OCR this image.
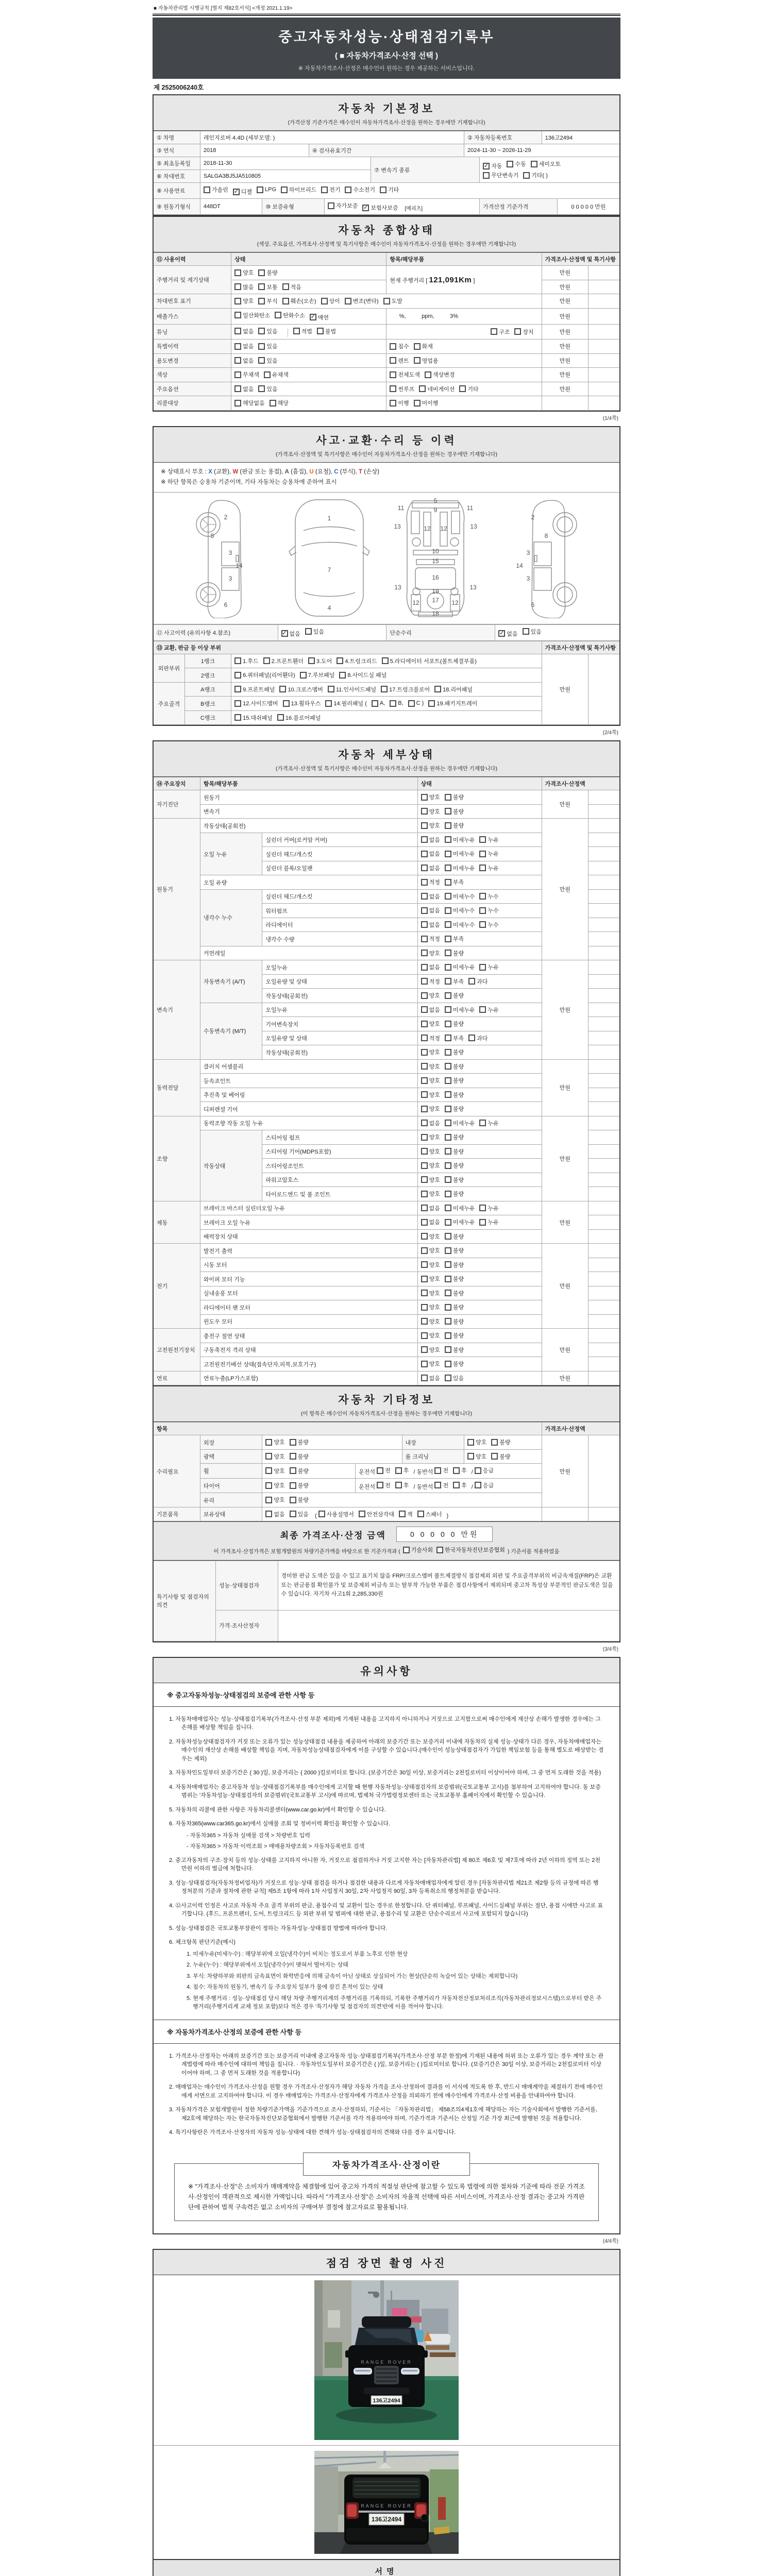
■ 자동차관리법 시행규칙 [별지 제82호서식] <개정 2021.1.19>
중고자동차성능·상태점검기록부
( ■ 자동차가격조사·산정 선택 )
※ 자동차가격조사·산정은 매수인이 원하는 경우 제공하는 서비스입니다.
제 2525006240호
자동차 기본정보
(가격산정 기준가격은 매수인이 자동차가격조사·산정을 원하는 경우에만 기재합니다)
① 차명	레인지로버 4.4D (세부모델: )					② 자동차등록번호		136고2494	
③ 연식	2018		④ 검사유효기간			2024-11-30 ~ 2026-11-29			
⑤ 최초등록일	2018-11-30	⑦ 변속기 종류	
✓ 자동 수동 세미오토
무단변속기 기타( )

⑥ 차대번호	SALGA3BJ5JA510805								
⑧ 사용연료	가솔린 ✓ 디젤 LPG 하이브리드 전기 수소전기 기타

⑨ 원동기형식	448DT	⑩ 보증유형		자가보증 ✓ 보험사보증 [메리츠]			가격산정 기준가격		0 0 0 0 0 만원
자동차 종합상태
(색상, 주요옵션, 가격조사·산정액 및 특기사항은 매수인이 자동차가격조사·산정을 원하는 경우에만 기재합니다)
⑪ 사용이력	상태	항목/해당부품	가격조사·산정액 및 특기사항	
주행거리 및 계기상태	양호 불량	현재 주행거리 [ 121,091Km ]	만원	

	많음 보통 적음		만원	
차대번호 표기	양호 부식 훼손(오손) 상이 변조(변타) 도말	만원	
배출가스	일산화탄소 탄화수소 ✓ 매연	%,          ppm,          3%	만원	
튜닝	없음 있음 적법 불법	구조 장치	만원	
특별이력	없음 있음	침수 화재	만원	
용도변경	없음 있음	렌트 영업용	만원	
색상	무채색 유채색	전체도색 색상변경	만원	
주요옵션	없음 있음	썬루프 네비게이션 기타	만원	
리콜대상	해당없음 해당	이행 미이행		

(1/4쪽)
사고·교환·수리 등 이력
(가격조사·산정액 및 특기사항은 매수인이 자동차가격조사·산정을 원하는 경우에만 기재합니다)
※ 상태표시 부호 : X (교환), W (판금 또는 용접), A (흠집), U (요철), C (부식), T (손상)
※ 하단 항목은 승용차 기준이며, 기타 자동차는 승용차에 준하여 표시
2
8
3
3
14
6
1
7
4
5
9
11	11
13	13
12 12
10
15
16
13	13
19
17
12	12
18
2
8
3
3
14
6
⑫ 사고이력 (유의사항 4.참조)	✓ 없음 있음	단순수리	✓ 없음 있음
⑬ 교환, 판금 등 이상 부위			가격조사·산정액 및 특기사항	
외판부위	1랭크	1.후드 2.프론트휀더 3.도어 4.트렁크리드 5.라디에이터 서포트(볼트체결부품)	만원	
	2랭크	6.쿼터패널(리어휀다) 7.루브패널 8.사이드실 패널		

주요골격	A랭크	9.프론트패널 10.크로스멤버 11.인사이드패널 17.트렁크플로어 18.리어패널		

B랭크	12.사이드멤버 13.휠하우스 14.필러패널 ( A, B, C ) 19.패키지트레이

	C랭크	15.대쉬패널 16.플로어패널		
(2/4쪽)
자동차 세부상태
(가격조사·산정액 및 특기사항은 매수인이 자동차가격조사·산정을 원하는 경우에만 기재합니다)
⑭ 주요장치	항목/해당부품		상태	가격조사·산정액	
자기진단	원동기		양호 불량	만원	
	변속기		양호 불량		

원동기	작동상태(공회전)		양호 불량	만원	
	오일 누유	실린더 커버(로커암 커버)	없음 미세누유 누유		

		실린더 헤드/개스킷	없음 미세누유 누유		

		실린더 블록/오일팬	없음 미세누유 누유		

	오일 유량		적정 부족		

	냉각수 누수	실린더 헤드/개스킷	없음 미세누수 누수		

		워터펌프	없음 미세누수 누수		

		라디에이터	없음 미세누수 누수		

		냉각수 수량	적정 부족		

	커먼레일		양호 불량		

변속기	자동변속기 (A/T)	오일누유	없음 미세누유 누유	만원	
		오일유량 및 상태	적정 부족 과다		

		작동상태(공회전)	양호 불량		

	수동변속기 (M/T)	오일누유	없음 미세누유 누유		

		기어변속장치	양호 불량		

		오일유량 및 상태	적정 부족 과다		

		작동상태(공회전)	양호 불량		

동력전달	클러치 어셈블리		양호 불량	만원	
	등속죠인트		양호 불량		

	추진축 및 베어링		양호 불량		

	디퍼렌셜 기어		양호 불량		

조향	동력조향 작동 오일 누유		없음 미세누유 누유	만원	
	작동상태	스티어링 펌프	양호 불량		

		스티어링 기어(MDPS포함)	양호 불량		

		스티어링조인트	양호 불량		

		파워고압호스	양호 불량		

		타이로드엔드 및 볼 조인트	양호 불량		

제동	브레이크 마스터 실린더오일 누유		없음 미세누유 누유	만원	
	브레이크 오일 누유		없음 미세누유 누유		

	배력장치 상태		양호 불량		

전기	발전기 출력		양호 불량	만원	
	시동 모터		양호 불량		

	와이퍼 모터 기능		양호 불량		

	실내송풍 모터		양호 불량		

	라디에이터 팬 모터		양호 불량		

	윈도우 모터		양호 불량		

고전원전기장치	충전구 절연 상태		양호 불량	만원	
	구동축전지 격리 상태		양호 불량		

	고전원전기배선 상태(접속단자,피복,보호기구)		양호 불량		

연료	연료누출(LP가스포함)		없음 있음	만원	
자동차 기타정보
(이 항목은 매수인이 자동차가격조사·산정을 원하는 경우에만 기재합니다)
항목						가격조사·산정액	
수리필요	외장	양호 불량		내장	양호 불량	만원	
	광택	양호 불량		룸 크리닝	양호 불량		

휠	양호 불량	운전석 전 후 / 동반석 전 후 / 응급

타이어	양호 불량	운전석 전 후 / 동반석 전 후 / 응급

	유리	양호 불량					

기본품목	보유상태	없음 있음 ( 사용설명서 안전삼각대 잭 스패너 )		
최종 가격조사·산정 금액	0 0 0 0 0 만원
이 가격조사·산정가격은 보험개발원의 차량기준가액을 바탕으로 한 기준가격과 ( 기술사회
한국자동차진단보증협회 ) 기준서를 적용하였음
특기사항 및 점검자의 의견	성능·상태점검자	경미한 판금 도색은 있을 수 있고 표기치 않음 FRP/크로스멤버 볼트체결방식 점검제외 외판 및 주요골격부위의 비금속재질(FRP)은 교환또는 판금용접 확인불가 및 보증제외 비금속 또는 탈부착 가능한 부품은 점검사항에서 제외되며 중고차 특성상 부분적인 판금도색은 있을 수 있습니다. 자기차 사고1회 2,285,330원
	가격·조사산정자	
(3/4쪽)
유의사항
※ 중고자동차성능·상태점검의 보증에 관한 사항 등
1. 자동차매매업자는 성능·상태점검기록부(가격조사·산정 부분 제외)에 기재된 내용을 고지하지 아니하거나 거짓으로 고지함으로써 매수인에게 재산상 손해가 발생한 경우에는 그 손해를 배상할 책임을 집니다.
2. 자동차성능상태점검자가 거짓 또는 오류가 있는 성능상태점검 내용을 제공하여 아래의 보증기간 또는 보증거리 이내에 자동차의 실제 성능·상태가 다른 경우, 자동차매매업자는 매수인의 재산상 손해를 배상할 책임을 지며, 자동차성능상태점검자에게 이를 구상할 수 있습니다.(매수인이 성능상태점검자가 가입한 책임보험 등을 통해 별도로 배상받는 경우는 제외)
3. 자동차인도일부터 보증기간은 ( 30 )일, 보증거리는 ( 2000 )킬로미터로 합니다. (보증기간은 30일 이상, 보증거리는 2천킬로미터 이상이어야 하며, 그 중 먼저 도래한 것을 적용)
4. 자동차매매업자는 중고자동차 성능·상태점검기록부를 매수인에게 고지할 때 현행 자동차성능·상태점검자의 보증범위(국토교통부 고시)를 첨부하여 고지하여야 합니다. 동 보증범위는 '자동차성능·상태점검자의 보증범위'(국토교통부 고시)에 따르며, 법제처 국가법령정보센터 또는 국토교통부 홈페이지에서 확인할 수 있습니다.
5. 자동차의 리콜에 관한 사항은 자동차리콜센터(www.car.go.kr)에서 확인할 수 있습니다.
6. 자동차365(www.car365.go.kr)에서 실매물 조회 및 정비이력 확인을 확인할 수 있습니다.
- 자동차365 > 자동차 실매물 검색 > 차량번호 입력
- 자동차365 > 자동차 이력조회 > 매매용차량조회 > 자동차등록번호 검색
2. 중고자동차의 구조·장치 등의 성능·상태를 고지하지 아니한 자, 거짓으로 점검하거나 거짓 고지한 자는 [자동차관리법] 제 80조 제6호 및 제7호에 따라 2년 이하의 징역 또는 2천만원 이하의 벌금에 처합니다.
3. 성능·상태점검자(자동차정비업자)가 거짓으로 성능·상태 점검을 하거나 점검한 내용과 다르게 자동차매매업자에게 알린 경우 [자동차관리법 제21조 제2항 등의 규정에 따른 행정처분의 기준과 절차에 관한 규칙] 제5조 1항에 따라 1차 사업정지 30일, 2차 사업정지 90일, 3차 등록취소의 행정처분을 받습니다.
4. ⑫사고이력 인정은 사고로 자동차 주요 골격 부위의 판금, 용접수리 및 교환이 있는 경우로 한정합니다. 단 쿼터패널, 루프패널, 사이드실패널 부위는 절단, 용접 시에만 사고로 표기합니다. (후드, 프론트펜더, 도어, 트렁크리드 등 외판 부위 및 범퍼에 대한 판금, 용접수리 및 교환은 단순수리로서 사고에 포함되지 않습니다)
5. 성능·상태점검은 국토교통부장관이 정하는 자동차성능·상태점검 방법에 따라야 합니다.
6. 체크항목 판단기준(예시)
1. 미세누유(미세누수) : 해당부위에 오일(냉각수)이 비치는 정도로서 부품 노후로 인한 현상
2. 누유(누수) : 해당부위에서 오일(냉각수)이 맺혀서 떨어지는 상태
3. 부식: 차량하부와 외판의 금속표면이 화학반응에 의해 금속이 아닌 상태로 상실되어 가는 현상(단순히 녹슬어 있는 상태는 제외합니다)
4. 침수: 자동차의 원동기, 변속기 등 주요장치 일부가 물에 잠긴 흔적이 있는 상태
5. 현재 주행거리 : 성능·상태점검 당시 해당 차량 주행거리계의 주행거리를 기록하되, 기록한 주행거리가 자동차전산정보처리조직(자동차관리정보시스템)으로부터 받은 주행거리(주행거리계 교체 정보 포함)보다 적은 경우 '특기사항 및 점검자의 의견'란에 이를 적어야 합니다.
※ 자동차가격조사·산정의 보증에 관한 사항 등
1. 가격조사·산정자는 아래의 보증기간 또는 보증거리 이내에 중고자동차 성능·상태점검기록부(가격조사·산정 부분 한정)에 기재된 내용에 허위 또는 오류가 있는 경우 계약 또는 관계법령에 따라 매수인에 대하여 책임을 집니다. · 자동차인도일부터 보증기간은 ( )일, 보증거리는 ( )킬로미터로 합니다. (보증기간은 30일 이상, 보증거리는 2천킬로미터 이상이어야 하며, 그 중 먼저 도래한 것을 적용합니다)
2. 매매업자는 매수인이 가격조사·산정을 원할 경우 가격조사·산정자가 해당 자동차 가격을 조사·산정하여 결과를 이 서식에 적도록 한 후, 반드시 매매계약을 체결하기 전에 매수인에게 서면으로 고지하여야 합니다. 이 경우 매매업자는 가격조사·산정자에게 가격조사·산정을 의뢰하기 전에 매수인에게 가격조사·산정 비용을 안내하여야 합니다.
3. 자동차가격은 보험개발원이 정한 차량기준가액을 기준가격으로 조사·산정하되, 기준서는 「자동차관리법」 제58조의4제1호에 해당하는 자는 기술사회에서 발행한 기준서를, 제2호에 해당하는 자는 한국자동차진단보증협회에서 발행한 기준서를 각각 적용하여야 하며, 기준가격과 기준서는 산정일 기준 가장 최근에 발행된 것을 적용합니다.
4. 특기사항란은 가격조사·산정자의 자동차 성능·상태에 대한 견해가 성능·상태점검자의 견해와 다를 경우 표시합니다.
자동차가격조사·산정이란
※ "가격조사·산정"은 소비자가 매매계약을 체결함에 있어 중고차 가격의 적절성 판단에 참고할 수 있도록 법령에 의한 절차와 기준에 따라 전문 가격조사·산정인이 객관적으로 제시한 가액입니다. 따라서 "가격조사·산정"은 소비자의 자율적 선택에 따른 서비스이며, 가격조사·산정 결과는 중고차 가격판단에 관하여 법적 구속력은 없고 소비자의 구매여부 결정에 참고자료로 활용됩니다.
(4/4쪽)
점검 장면 촬영 사진
RANGE ROVER
136고2494
RANGE ROVER
136고2494
서명
